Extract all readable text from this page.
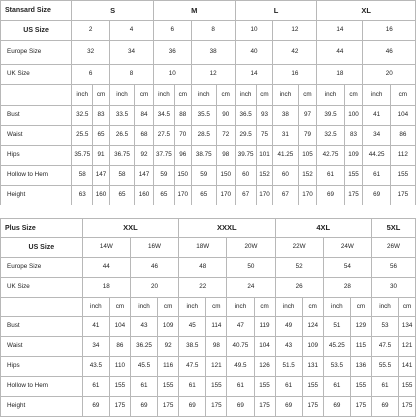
Stansard Size	S				M				L				XL			
US Size	2		4		6		8		10		12		14		16	
Europe Size	32		34		36		38		40		42		44		46	
UK Size	6		8		10		12		14		16		18		20	
	inch	cm	inch	cm	inch	cm	inch	cm	inch	cm	inch	cm	inch	cm	inch	cm
Bust	32.5	83	33.5	84	34.5	88	35.5	90	36.5	93	38	97	39.5	100	41	104
Waist	25.5	65	26.5	68	27.5	70	28.5	72	29.5	75	31	79	32.5	83	34	86
Hips	35.75	91	36.75	92	37.75	96	38.75	98	39.75	101	41.25	105	42.75	109	44.25	112
Hollow to Hem	58	147	58	147	59	150	59	150	60	152	60	152	61	155	61	155
Height	63	160	65	160	65	170	65	170	67	170	67	170	69	175	69	175
Plus Size	XXL				XXXL				4XL				5XL	
US Size	14W		16W		18W		20W		22W		24W		26W	
Europe Size	44		46		48		50		52		54		56	
UK Size	18		20		22		24		26		28		30	
	inch	cm	inch	cm	inch	cm	inch	cm	inch	cm	inch	cm	inch	cm
Bust	41	104	43	109	45	114	47	119	49	124	51	129	53	134
Waist	34	86	36.25	92	38.5	98	40.75	104	43	109	45.25	115	47.5	121
Hips	43.5	110	45.5	116	47.5	121	49.5	126	51.5	131	53.5	136	55.5	141
Hollow to Hem	61	155	61	155	61	155	61	155	61	155	61	155	61	155
Height	69	175	69	175	69	175	69	175	69	175	69	175	69	175
